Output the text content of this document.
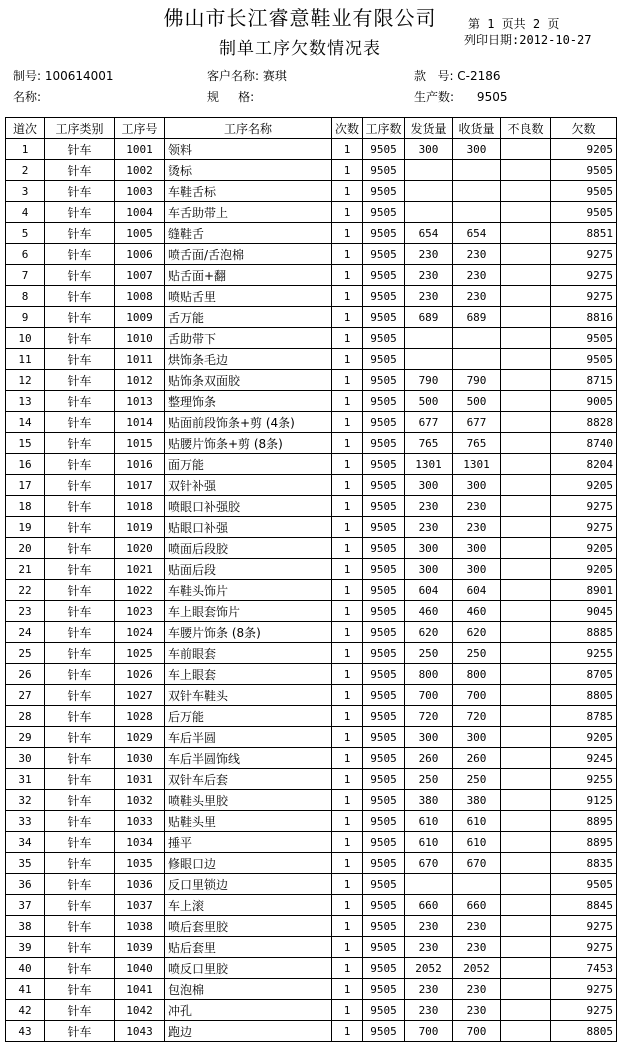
佛山市长江睿意鞋业有限公司	第 1 页共 2 页
制单工序欠数情况表	列印日期:2012-10-27
制号: 100614001	客户名称: 赛琪	款   号: C-2186
名称:	规     格:	生产数:      9505
道次	工序类别	工序号	工序名称	次数	工序数	发货量	收货量	不良数	欠数
1	针车	1001	领料	1	9505	300	300		9205
2	针车	1002	烫标	1	9505				9505
3	针车	1003	车鞋舌标	1	9505				9505
4	针车	1004	车舌助带上	1	9505				9505
5	针车	1005	缝鞋舌	1	9505	654	654		8851
6	针车	1006	喷舌面/舌泡棉	1	9505	230	230		9275
7	针车	1007	贴舌面+翻	1	9505	230	230		9275
8	针车	1008	喷贴舌里	1	9505	230	230		9275
9	针车	1009	舌万能	1	9505	689	689		8816
10	针车	1010	舌助带下	1	9505				9505
11	针车	1011	烘饰条毛边	1	9505				9505
12	针车	1012	贴饰条双面胶	1	9505	790	790		8715
13	针车	1013	整理饰条	1	9505	500	500		9005
14	针车	1014	贴面前段饰条+剪 (4条)	1	9505	677	677		8828
15	针车	1015	贴腰片饰条+剪 (8条)	1	9505	765	765		8740
16	针车	1016	面万能	1	9505	1301	1301		8204
17	针车	1017	双针补强	1	9505	300	300		9205
18	针车	1018	喷眼口补强胶	1	9505	230	230		9275
19	针车	1019	贴眼口补强	1	9505	230	230		9275
20	针车	1020	喷面后段胶	1	9505	300	300		9205
21	针车	1021	贴面后段	1	9505	300	300		9205
22	针车	1022	车鞋头饰片	1	9505	604	604		8901
23	针车	1023	车上眼套饰片	1	9505	460	460		9045
24	针车	1024	车腰片饰条 (8条)	1	9505	620	620		8885
25	针车	1025	车前眼套	1	9505	250	250		9255
26	针车	1026	车上眼套	1	9505	800	800		8705
27	针车	1027	双针车鞋头	1	9505	700	700		8805
28	针车	1028	后万能	1	9505	720	720		8785
29	针车	1029	车后半圆	1	9505	300	300		9205
30	针车	1030	车后半圆饰线	1	9505	260	260		9245
31	针车	1031	双针车后套	1	9505	250	250		9255
32	针车	1032	喷鞋头里胶	1	9505	380	380		9125
33	针车	1033	贴鞋头里	1	9505	610	610		8895
34	针车	1034	捶平	1	9505	610	610		8895
35	针车	1035	修眼口边	1	9505	670	670		8835
36	针车	1036	反口里锁边	1	9505				9505
37	针车	1037	车上滚	1	9505	660	660		8845
38	针车	1038	喷后套里胶	1	9505	230	230		9275
39	针车	1039	贴后套里	1	9505	230	230		9275
40	针车	1040	喷反口里胶	1	9505	2052	2052		7453
41	针车	1041	包泡棉	1	9505	230	230		9275
42	针车	1042	冲孔	1	9505	230	230		9275
43	针车	1043	跑边	1	9505	700	700		8805
